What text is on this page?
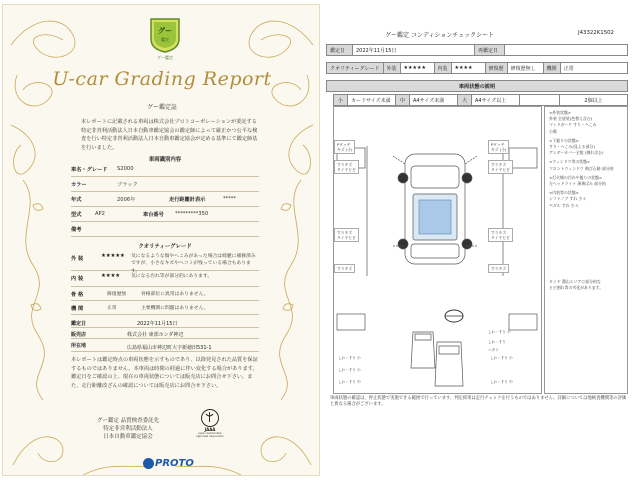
グー
鑑定
グー鑑定
U-car Grading Report
グー鑑定証
本レポートに記載される車両は株式会社プロトコーポレーションが委託する特定非営利活動法人日本自動車鑑定協会の鑑定師によって厳正かつ公平な検査を行い特定非営利活動法人日本自動車鑑定協会が定める基準にて鑑定師基を行いました。
車両識別内容
車名・グレード S2000
カラー	ブラック
年式	2006年	走行距離計表示	*****
型式	AP2	車台番号 *********350
備考
クオリティーグレード
外 装	★★★★★ 気になるような傷やへこみがあった場合は綺麗に補修済みですが、小さなキズやヘコミが残っている場合もあります。
内 装	★★★★ 気になる汚れ等が部分的にあります。
骨 格	修復歴無	骨格部位に異常はありません。
機 関	正常	主要機関に問題はありません。
鑑定日	2022年11月15日
販売店	株式会社 東部ホンダ神辺
所在地	広島県福山市神辺町大字新徳田531-1
本レポートは鑑定時点の車両状態を示すものであり、以降発見された品質を保証するものではありません。本車両は時間の経過に伴い変化する場合があります。鑑定日をご確認の上、現在の車両状態については販売店にお問合せ下さい。また、走行距離改ざんの確認については販売店にお問合せ下さい。
グー鑑定 品質検査委託先
特定非営利活動法人
日本自動車鑑定協会
JAAA
Japan Automobile Appraisal Association
PROTO
グー鑑定 コンディションチェックシート	J43322K1502
鑑定日	2022年11月15日	再鑑定日	
クオリティーグレード	外装	★★★★★	内装	★★★★	修復歴	修復歴無し	機関	正常
車両状態の説明
小	カードサイズ未満	中	A4サイズ未満	大	A4サイズ以上		2個以上
Pタッチ
キズ (小)
Pタッチ
キズ (小)
すりキズ
タイヤヒビ
すりキズ
タイヤヒビ
すりキズ
タイヤヒビ
すりキズ
タイヤヒビ
すりキズ	すりキズ
しわ・すり 小
しわ・すり 中
しわ・すり 小
しわ・すり 中
しわ・すり 小
しわ・すり
ヘタリ
しわ・すり 小
<外装状態>
外装 全塗装(色替え含む)
マッドガード すり・へこみ
小傷
<下廻りの状態>
すり・へこみ(見える部分)
アンダーカバー全般 (割れ含む)
<ウィンドウ等の状態>
フロントウィンドウ 飛び石跡 部分的
<灯火類の汚れや曇りの状態>
左ヘッドライト 薄黄ばみ 部分的
<内装等の状態>
シフトノブ すれ 少々
ペダル すれ 少々
タイヤ 溝山エリアに部分的な
ヒビ割れ等の劣化があります。
車両状態の確認は、停止状態で実施できる範囲で行っています。判定結果は走行チェックを行うものではありません。詳細については他検査機関等の評価と異なる場合がございます。
